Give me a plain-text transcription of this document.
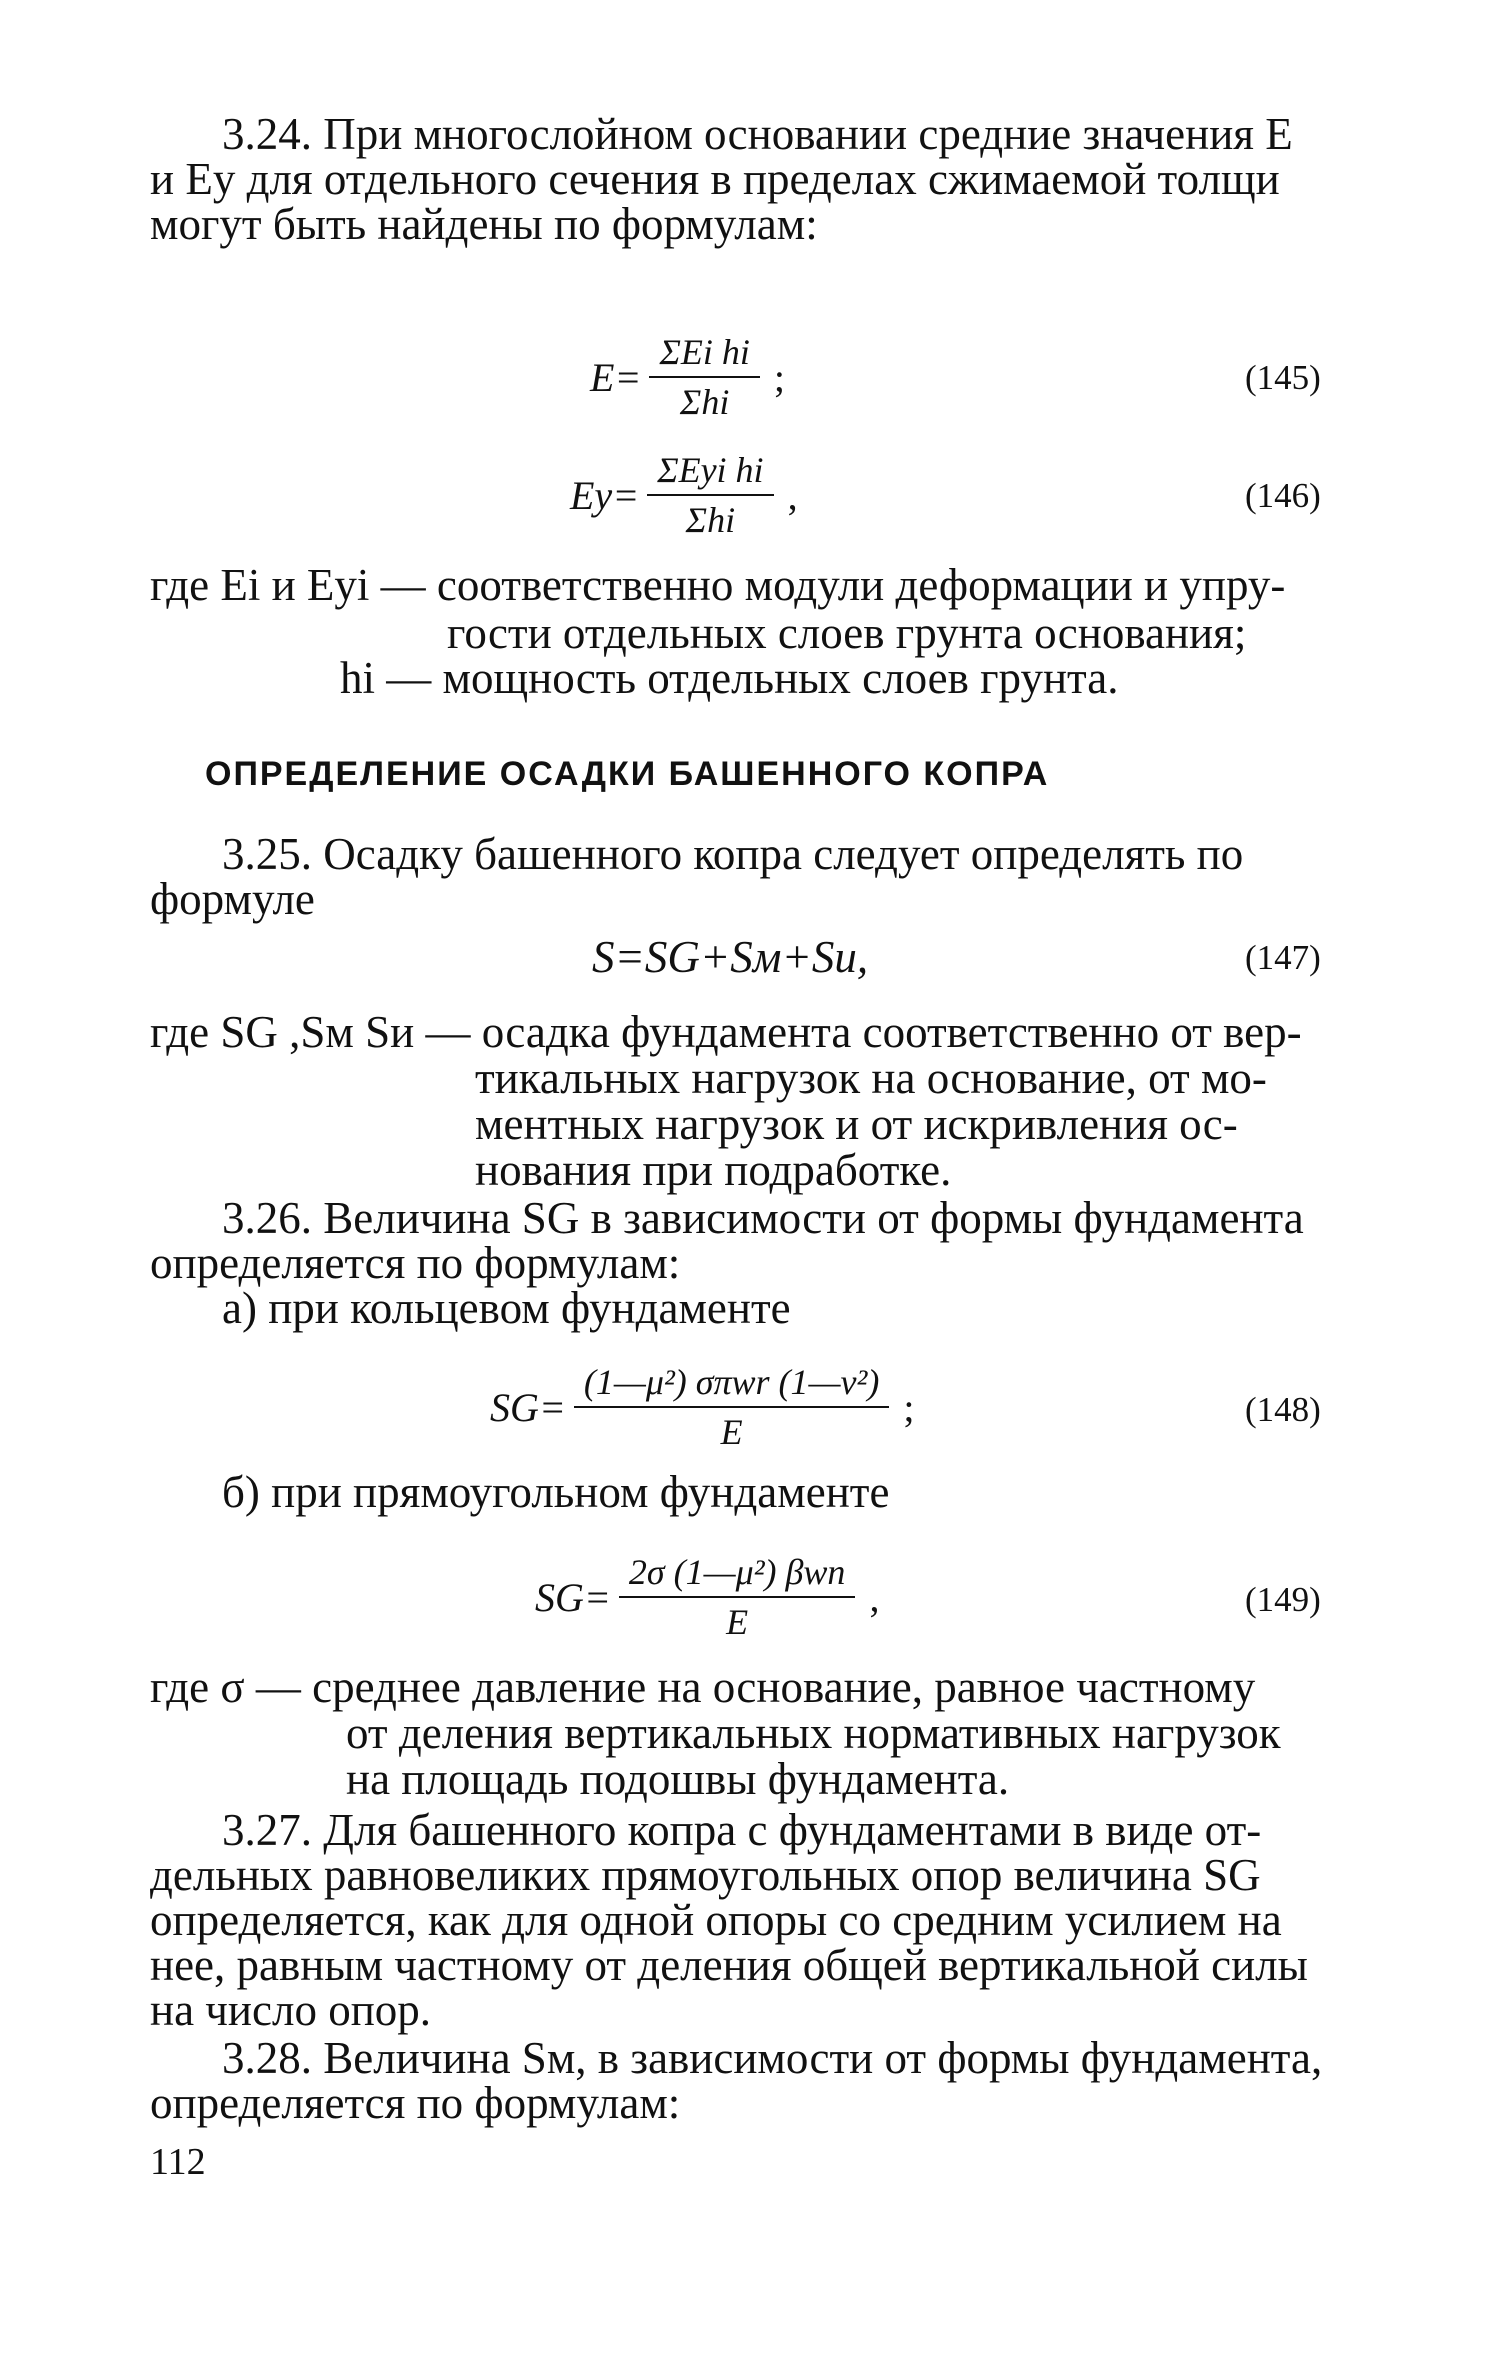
3.24. При многослойном основании средние значения E
и Eу для отдельного сечения в пределах сжимаемой толщи
могут быть найдены по формулам:
$E= \frac{\text{ΣEi hi}}{\text{Σhi}}$ ;	(145)
$Eу= \frac{\text{ΣEуi hi}}{\text{Σhi}}$ ,	(146)
где Ei и Eуi — соответственно модули деформации и упру-
гости отдельных слоев грунта основания;
hi — мощность отдельных слоев грунта.
ОПРЕДЕЛЕНИЕ ОСАДКИ БАШЕННОГО КОПРА
3.25. Осадку башенного копра следует определять по
формуле
S=SG+Sм+Sи,	(147)
где SG ,Sм Sи — осадка фундамента соответственно от вер-
тикальных нагрузок на основание, от мо-
ментных нагрузок и от искривления ос-
нования при подработке.
3.26. Величина SG в зависимости от формы фундамента
определяется по формулам:
а) при кольцевом фундаменте
$SG= \frac{\text{(1—μ²) σπwr (1—ν²)}}{E}$ ;	(148)
б) при прямоугольном фундаменте
$SG= \frac{\text{2σ (1—μ²) βwn}}{E}$ ,	(149)
где σ — среднее давление на основание, равное частному
от деления вертикальных нормативных нагрузок
на площадь подошвы фундамента.
3.27. Для башенного копра с фундаментами в виде от-
дельных равновеликих прямоугольных опор величина SG
определяется, как для одной опоры со средним усилием на
нее, равным частному от деления общей вертикальной силы
на число опор.
3.28. Величина Sм, в зависимости от формы фундамента,
определяется по формулам:
112
